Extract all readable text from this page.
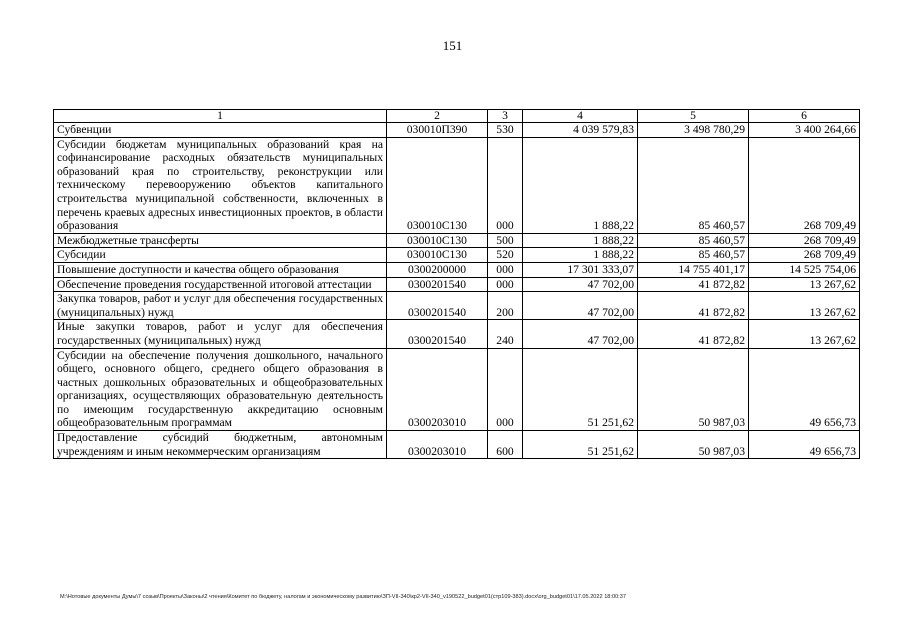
151
1	2	3	4	5	6
Субвенции	030010П390	530	4 039 579,83	3 498 780,29	3 400 264,66
Субсидии бюджетам муниципальных образований края на софинансирование расходных обязательств муниципальных образований края по строительству, реконструкции или техническому перевооружению объектов капитального строительства муниципальной собственности, включенных в перечень краевых адресных инвестиционных проектов, в области образования	030010С130	000	1 888,22	85 460,57	268 709,49
Межбюджетные трансферты	030010С130	500	1 888,22	85 460,57	268 709,49
Субсидии	030010С130	520	1 888,22	85 460,57	268 709,49
Повышение доступности и качества общего образования	0300200000	000	17 301 333,07	14 755 401,17	14 525 754,06
Обеспечение проведения государственной итоговой аттестации	0300201540	000	47 702,00	41 872,82	13 267,62
Закупка товаров, работ и услуг для обеспечения государственных (муниципальных) нужд	0300201540	200	47 702,00	41 872,82	13 267,62
Иные закупки товаров, работ и услуг для обеспечения государственных (муниципальных) нужд	0300201540	240	47 702,00	41 872,82	13 267,62
Субсидии на обеспечение получения дошкольного, начального общего, основного общего, среднего общего образования в частных дошкольных образовательных и общеобразовательных организациях, осуществляющих образовательную деятельность по имеющим государственную аккредитацию основным общеобразовательным программам	0300203010	000	51 251,62	50 987,03	49 656,73
Предоставление субсидий бюджетным, автономным учреждениям и иным некоммерческим организациям	0300203010	600	51 251,62	50 987,03	49 656,73
M:\Нотовые документы Думы\7 созыв\Проекты\Законы\2 чтения\Комитет по бюджету, налогам и экономическому развитию\ЗП-VII-340\кр2-VII-340_v190522_budget01(стр109-383).docx\org_budget01\17.05.2022 18:00:37
